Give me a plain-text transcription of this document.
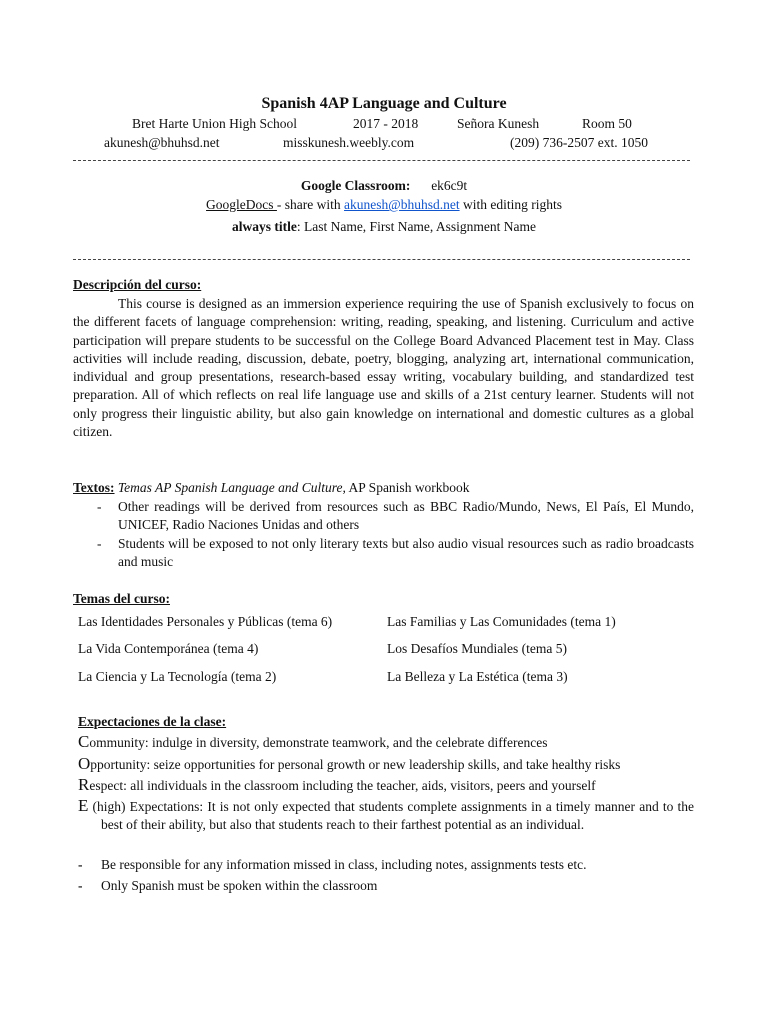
Spanish 4AP Language and Culture
Bret Harte Union High School	2017 - 2018	Señora Kunesh	Room 50
akunesh@bhuhsd.net	misskunesh.weebly.com	(209) 736-2507 ext. 1050
Google Classroom: ek6c9t
GoogleDocs - share with akunesh@bhuhsd.net with editing rights
always title: Last Name, First Name, Assignment Name
Descripción del curso:
This course is designed as an immersion experience requiring the use of Spanish exclusively to focus on the different facets of language comprehension: writing, reading, speaking, and listening. Curriculum and active participation will prepare students to be successful on the College Board Advanced Placement test in May. Class activities will include reading, discussion, debate, poetry, blogging, analyzing art, international communication, individual and group presentations, research-based essay writing, vocabulary building, and standardized test preparation. All of which reflects on real life language use and skills of a 21st century learner. Students will not only progress their linguistic ability, but also gain knowledge on international and domestic cultures as a global citizen.
Textos: Temas AP Spanish Language and Culture, AP Spanish workbook
- Other readings will be derived from resources such as BBC Radio/Mundo, News, El País, El Mundo, UNICEF, Radio Naciones Unidas and others
- Students will be exposed to not only literary texts but also audio visual resources such as radio broadcasts and music
Temas del curso:
Las Identidades Personales y Públicas (tema 6)	Las Familias y Las Comunidades (tema 1)
La Vida Contemporánea (tema 4)	Los Desafíos Mundiales (tema 5)
La Ciencia y La Tecnología (tema 2)	La Belleza y La Estética (tema 3)
Expectaciones de la clase:
Community: indulge in diversity, demonstrate teamwork, and the celebrate differences
Opportunity: seize opportunities for personal growth or new leadership skills, and take healthy risks
Respect: all individuals in the classroom including the teacher, aids, visitors, peers and yourself
E (high) Expectations: It is not only expected that students complete assignments in a timely manner and to the best of their ability, but also that students reach to their farthest potential as an individual.
- Be responsible for any information missed in class, including notes, assignments tests etc.
- Only Spanish must be spoken within the classroom
